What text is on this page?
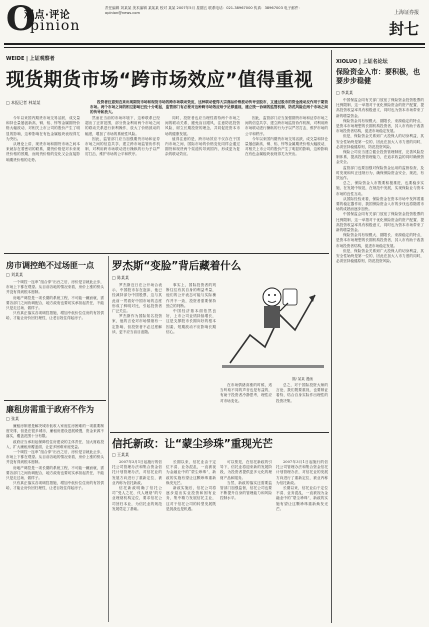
O
观点·评论
pinion
责任编辑 刘某某 美术编辑 某某某 校对 某某 2007年5月 星期五 联系电话：021-38967000 传真：38967003 电子邮件：opinion@news.com	上海证券报
封七
WEIDE | 上证观察者
现货期货市场“跨市场效应”值得重视
□ 本报记者 林某某	投资者注意到近来出现期货市场和现货市场的跨市场联动效应，这种联动使得大宗商品价格波动传导至股市，又通过股市的资金流动反作用于期货市场。两个市场之间的相互影响已经十分明显，监管部门有必要对这种跨市场效应给予足够重视，建立统一协调的监管机制，防范风险在两个市场之间的传导和放大。

今年以来国内期货市场交易活跃，成交量和持仓量屡创新高，铜、铝、锌等金属期货价格大幅波动，对相关上市公司的股价产生了明显的影响，这种影响在有色金属板块表现得尤为突出。

从理论上讲，现货市场和期货市场之间本来就存在着密切的联系，期货价格是对未来现货价格的预期，而现货价格的变化又会直接影响期货价格的走势。

然而在当前的市场环境下，这种联系已经超出了正常范围，部分资金利用两个市场之间的联动关系进行套利操作，放大了价格波动的幅度，增加了市场的系统性风险。

因此，监管部门应当加强期货市场和证券市场之间的信息共享，建立跨市场监管协作机制，对利用跨市场联动进行操纵的行为予以严厉打击，维护市场的公平和秩序。

同时，投资者也应当理性看待两个市场之间的联动关系，避免盲目跟风，注意防范投资风险，树立长期投资的理念，共同促进资本市场的健康发展。

值得注意的是，跨市场效应不仅存在于国内市场之间，国际市场的价格变化同样会通过期货和现货两个渠道传导到国内，形成更为复杂的联动效应。

因此，监管部门应当加强期货市场和证券市场之间的信息共享，建立跨市场监管协作机制，对利用跨市场联动进行操纵的行为予以严厉打击，维护市场的公平和秩序。

今年以来国内期货市场交易活跃，成交量和持仓量屡创新高，铜、铝、锌等金属期货价格大幅波动，对相关上市公司的股价产生了明显的影响，这种影响在有色金属板块表现得尤为突出。

房市调控绝不过场匪一点
□ 刘某某

一个调控一连串“组合拳”出台之后，房价是否就此止步，市场上下都在观望。从目前各地的情况来看，房价上涨的势头并没有得到根本遏制。

房地产调控是一项长期的系统工程，不可能一蹴而就，需要各部门之间协调配合，地方政府也要切实承担起责任，不能只是走过场、做样子。

只有真正落实各项调控措施，增加中低价位住房的有效供给，才能让房价回归理性，让老百姓住得起房子。

廉租房需重于政府不作为
□ 张某

廉租房制度是解决城市低收入家庭住房困难的一项重要制度安排，但是在很多城市，廉租房建设进展缓慢，资金来源不落实，覆盖范围十分有限。

政府应当承担起保障性住房建设的主体责任，加大财政投入，扩大廉租房覆盖面，让更多困难家庭受益。

一个调控一连串“组合拳”出台之后，房价是否就此止步，市场上下都在观望。从目前各地的情况来看，房价上涨的势头并没有得到根本遏制。

房地产调控是一项长期的系统工程，不可能一蹴而就，需要各部门之间协调配合，地方政府也要切实承担起责任，不能只是走过场、做样子。

只有真正落实各项调控措施，增加中低价位住房的有效供给，才能让房价回归理性，让老百姓住得起房子。

罗杰斯“变脸”背后藏着什么
□ 陈某某

罗杰斯近日在公开场合表示，中国股市存在泡沫，他已经减持部分中国股票，这与其此前一贯看好中国市场的态度形成了鲜明对比，引起投资者广泛关注。

罗杰斯作为国际知名投资家，他的言论对市场情绪有一定影响，但投资者不必过度解读，更不应当盲目追随。

事实上，国际投资者的判断往往有其自身的利益考量，他们的公开表态可能与实际操作并不一致，投资者需要保持独立的判断。

中国经济基本面依然良好，上市公司业绩持续增长，这是支撑股市长期向好的根本因素，短期波动不应影响长期信心。

在市场情绪高涨的时候，适当听取不同的声音也是有益的，有助于投资者冷静思考，理性应对市场变化。

总之，对于国际投资大师的言论，我们既要重视，也要辩证看待，结合自身实际作出理性的投资决策。

图/ 某某 漫画
信托新政：让“蒙尘珍珠”重现光芒
□ 王某某

2007年3月1日起施行的信托公司管理办法和集合资金信托计划管理办法，对信托业的发展方向进行了重新定位，被业内称为信托新政。

信托新政明确了信托公司“受人之托、代人理财”的专业理财机构定位，要求信托公司回归本业，为信托业的规范发展奠定了基础。

长期以来，信托业由于定位不清、业务混乱，一直被视为金融业中的“蒙尘珍珠”，新政的实施有望让这颗珍珠重新焕发光芒。

新政实施后，信托公司将逐步退出实业投资和固有业务，集中精力发展信托主业，这对于信托公司的转型发展既是挑战也是机遇。

可以预见，在信托新政的引导下，信托业将迎来新的发展阶段，为投资者提供更多元化的理财产品和服务。

当然，新政的落实还需要监管部门加强监督，信托公司也要不断提升自身的管理能力和风险控制水平。

2007年3月1日起施行的信托公司管理办法和集合资金信托计划管理办法，对信托业的发展方向进行了重新定位，被业内称为信托新政。

长期以来，信托业由于定位不清、业务混乱，一直被视为金融业中的“蒙尘珍珠”，新政的实施有望让这颗珍珠重新焕发光芒。

XIOLUO | 上证名论坛
保险资金入市：要积极，也要步步稳健
□ 李某某

中国保监会同有关部门放宽了保险资金投资股票的比例限制，这一举措对于优化保险资金的资产配置、提高投资收益率具有积极意义，同时也为资本市场带来了新的增量资金。

保险资金具有规模大、期限长、来源稳定的特点，是资本市场理想的长期机构投资者，其入市有助于改善市场投资者结构，促进市场稳定发展。

但是，保险资金关系到广大投保人的切身利益，其安全性始终是第一位的，因此在加大入市力度的同时，必须坚持稳健原则，防范投资风险。

保险公司应当建立健全投资管理制度，完善风险控制体系，提高投资管理能力，在追求收益的同时确保资金安全。

监管部门也要加强对保险资金运用的监督检查，及时发现和纠正违规行为，确保保险资金安全、规范、有效运作。

总之，保险资金入市既要积极推进，也要稳步实施，在发展中规范，在规范中发展，实现保险业与资本市场的良性互动。

从国际经验来看，保险资金在资本市场中发挥着重要的稳定器作用，我国保险资金入市的步伐也将随着市场的成熟而逐步加快。

中国保监会同有关部门放宽了保险资金投资股票的比例限制，这一举措对于优化保险资金的资产配置、提高投资收益率具有积极意义，同时也为资本市场带来了新的增量资金。

保险资金具有规模大、期限长、来源稳定的特点，是资本市场理想的长期机构投资者，其入市有助于改善市场投资者结构，促进市场稳定发展。

但是，保险资金关系到广大投保人的切身利益，其安全性始终是第一位的，因此在加大入市力度的同时，必须坚持稳健原则，防范投资风险。
